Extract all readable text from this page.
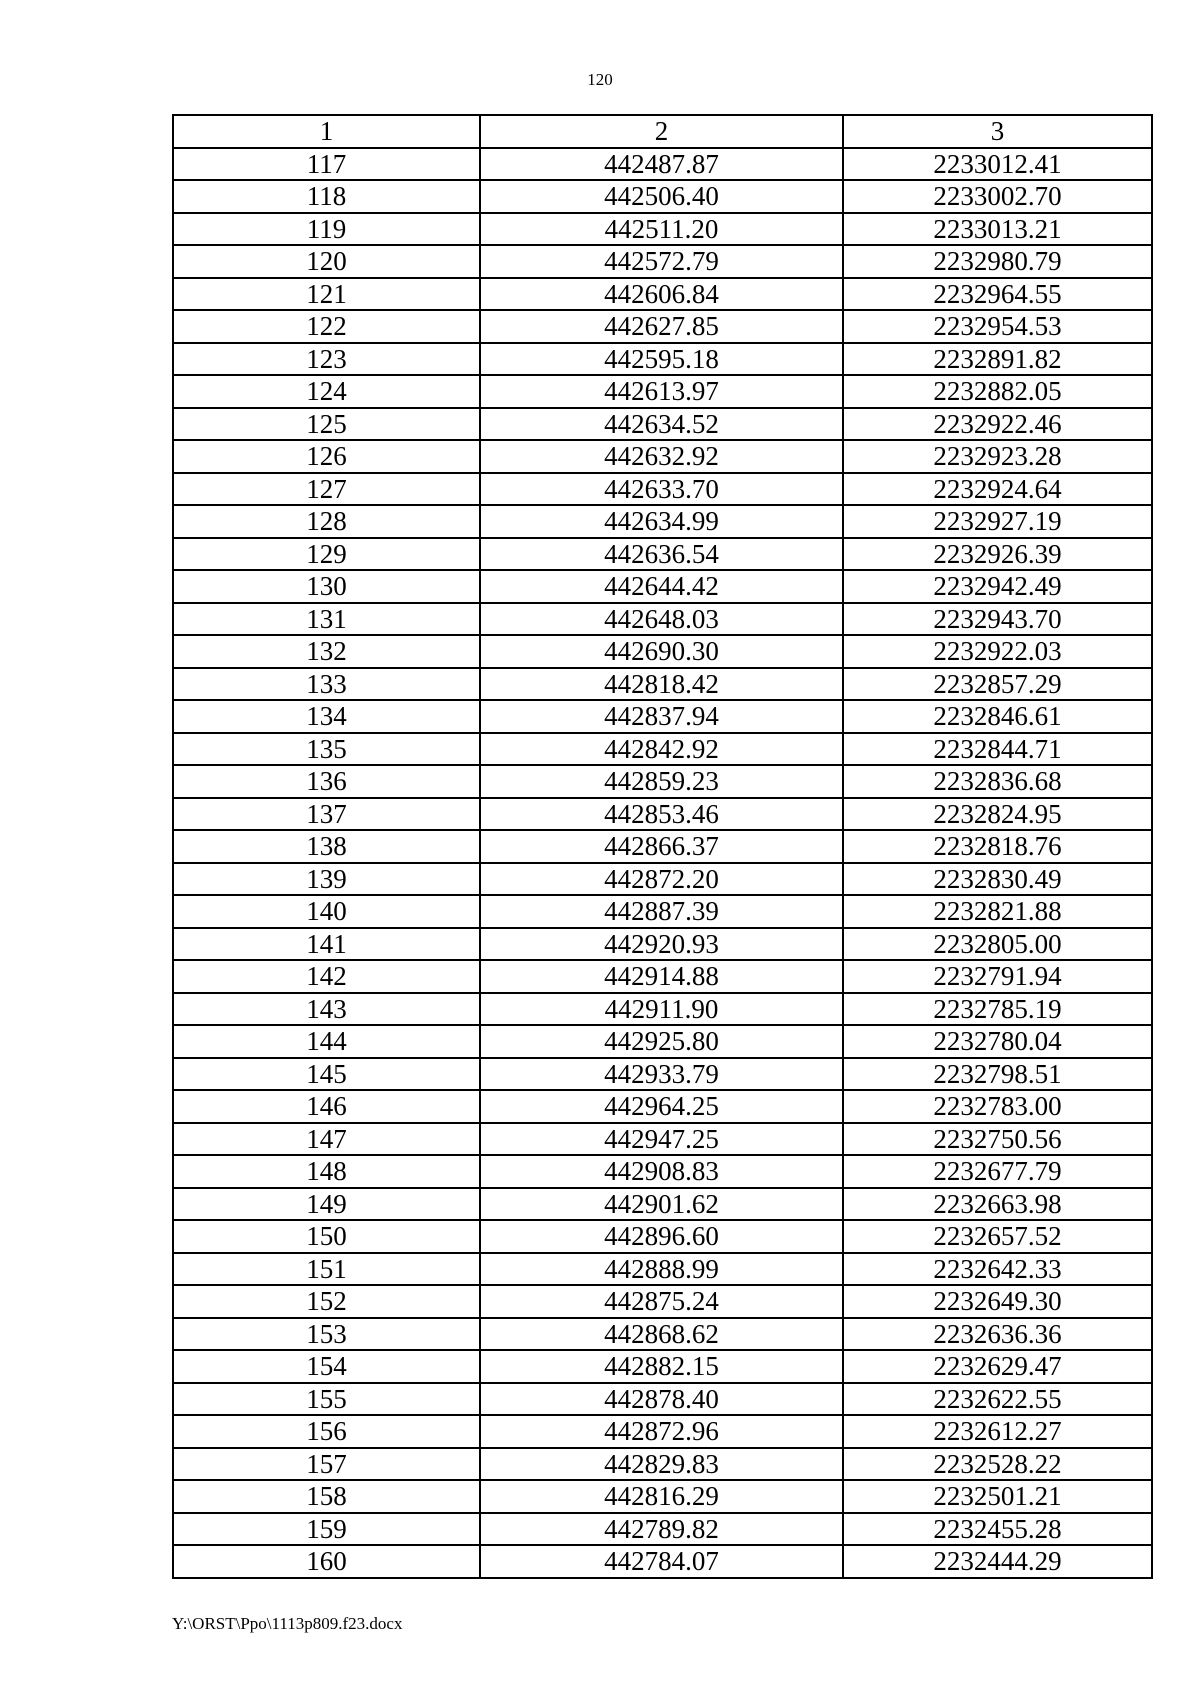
120
1	2	3
117	442487.87	2233012.41
118	442506.40	2233002.70
119	442511.20	2233013.21
120	442572.79	2232980.79
121	442606.84	2232964.55
122	442627.85	2232954.53
123	442595.18	2232891.82
124	442613.97	2232882.05
125	442634.52	2232922.46
126	442632.92	2232923.28
127	442633.70	2232924.64
128	442634.99	2232927.19
129	442636.54	2232926.39
130	442644.42	2232942.49
131	442648.03	2232943.70
132	442690.30	2232922.03
133	442818.42	2232857.29
134	442837.94	2232846.61
135	442842.92	2232844.71
136	442859.23	2232836.68
137	442853.46	2232824.95
138	442866.37	2232818.76
139	442872.20	2232830.49
140	442887.39	2232821.88
141	442920.93	2232805.00
142	442914.88	2232791.94
143	442911.90	2232785.19
144	442925.80	2232780.04
145	442933.79	2232798.51
146	442964.25	2232783.00
147	442947.25	2232750.56
148	442908.83	2232677.79
149	442901.62	2232663.98
150	442896.60	2232657.52
151	442888.99	2232642.33
152	442875.24	2232649.30
153	442868.62	2232636.36
154	442882.15	2232629.47
155	442878.40	2232622.55
156	442872.96	2232612.27
157	442829.83	2232528.22
158	442816.29	2232501.21
159	442789.82	2232455.28
160	442784.07	2232444.29
Y:\ORST\Ppo\1113p809.f23.docx
